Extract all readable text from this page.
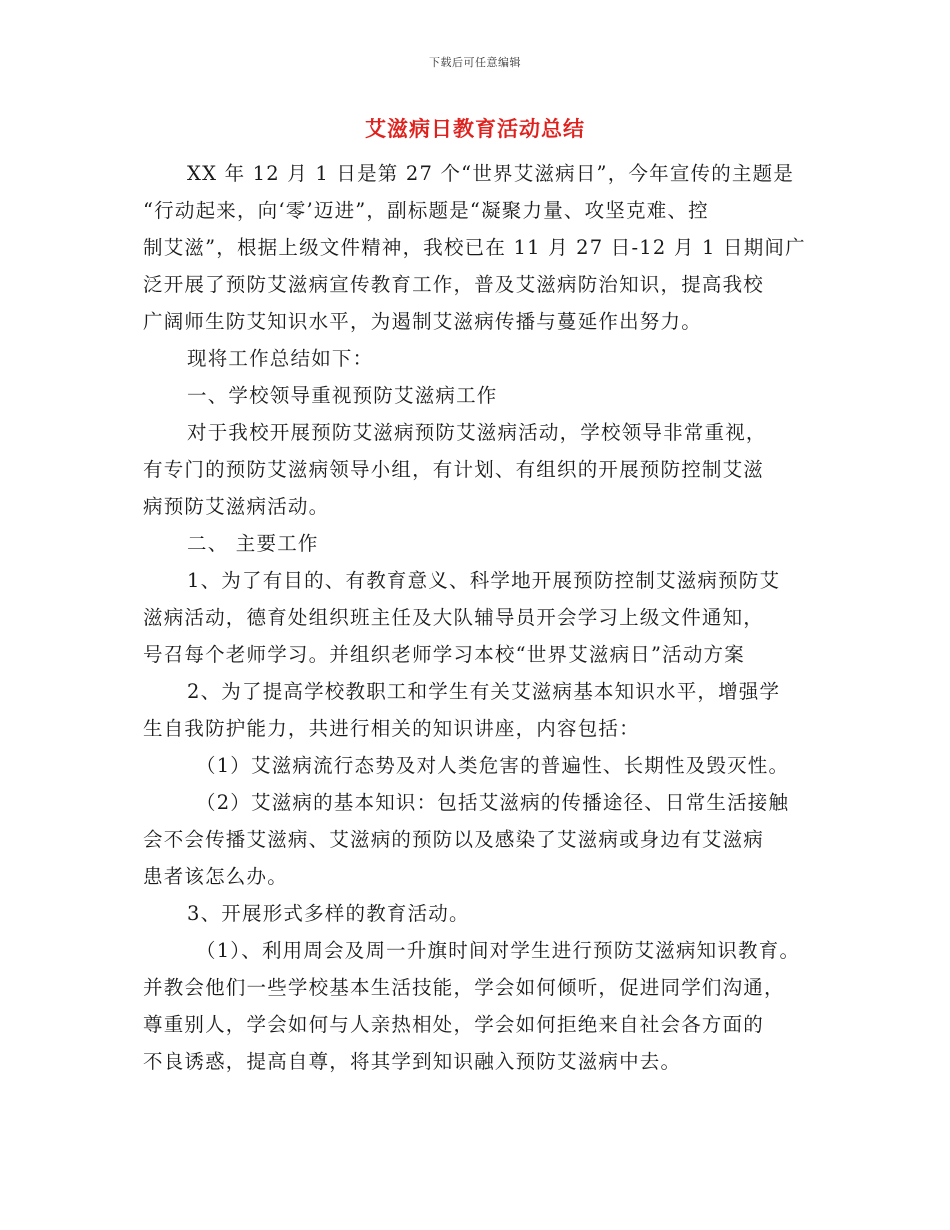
下载后可任意编辑
艾滋病日教育活动总结
XX 年 12 月 1 日是第 27 个“世界艾滋病日”，今年宣传的主题是
“行动起来，向‘零’迈进”，副标题是“凝聚力量、攻坚克难、控
制艾滋”，根据上级文件精神，我校已在 11 月 27 日-12 月 1 日期间广
泛开展了预防艾滋病宣传教育工作，普及艾滋病防治知识，提高我校
广阔师生防艾知识水平，为遏制艾滋病传播与蔓延作出努力。
现将工作总结如下：
一、学校领导重视预防艾滋病工作
对于我校开展预防艾滋病预防艾滋病活动，学校领导非常重视，
有专门的预防艾滋病领导小组，有计划、有组织的开展预防控制艾滋
病预防艾滋病活动。
二、 主要工作
1、为了有目的、有教育意义、科学地开展预防控制艾滋病预防艾
滋病活动，德育处组织班主任及大队辅导员开会学习上级文件通知，
号召每个老师学习。并组织老师学习本校“世界艾滋病日”活动方案
2、为了提高学校教职工和学生有关艾滋病基本知识水平，增强学
生自我防护能力，共进行相关的知识讲座，内容包括：
（1）艾滋病流行态势及对人类危害的普遍性、长期性及毁灭性。
（2）艾滋病的基本知识：包括艾滋病的传播途径、日常生活接触
会不会传播艾滋病、艾滋病的预防以及感染了艾滋病或身边有艾滋病
患者该怎么办。
3、开展形式多样的教育活动。
（1）、利用周会及周一升旗时间对学生进行预防艾滋病知识教育。
并教会他们一些学校基本生活技能，学会如何倾听，促进同学们沟通，
尊重别人，学会如何与人亲热相处，学会如何拒绝来自社会各方面的
不良诱惑，提高自尊，将其学到知识融入预防艾滋病中去。
